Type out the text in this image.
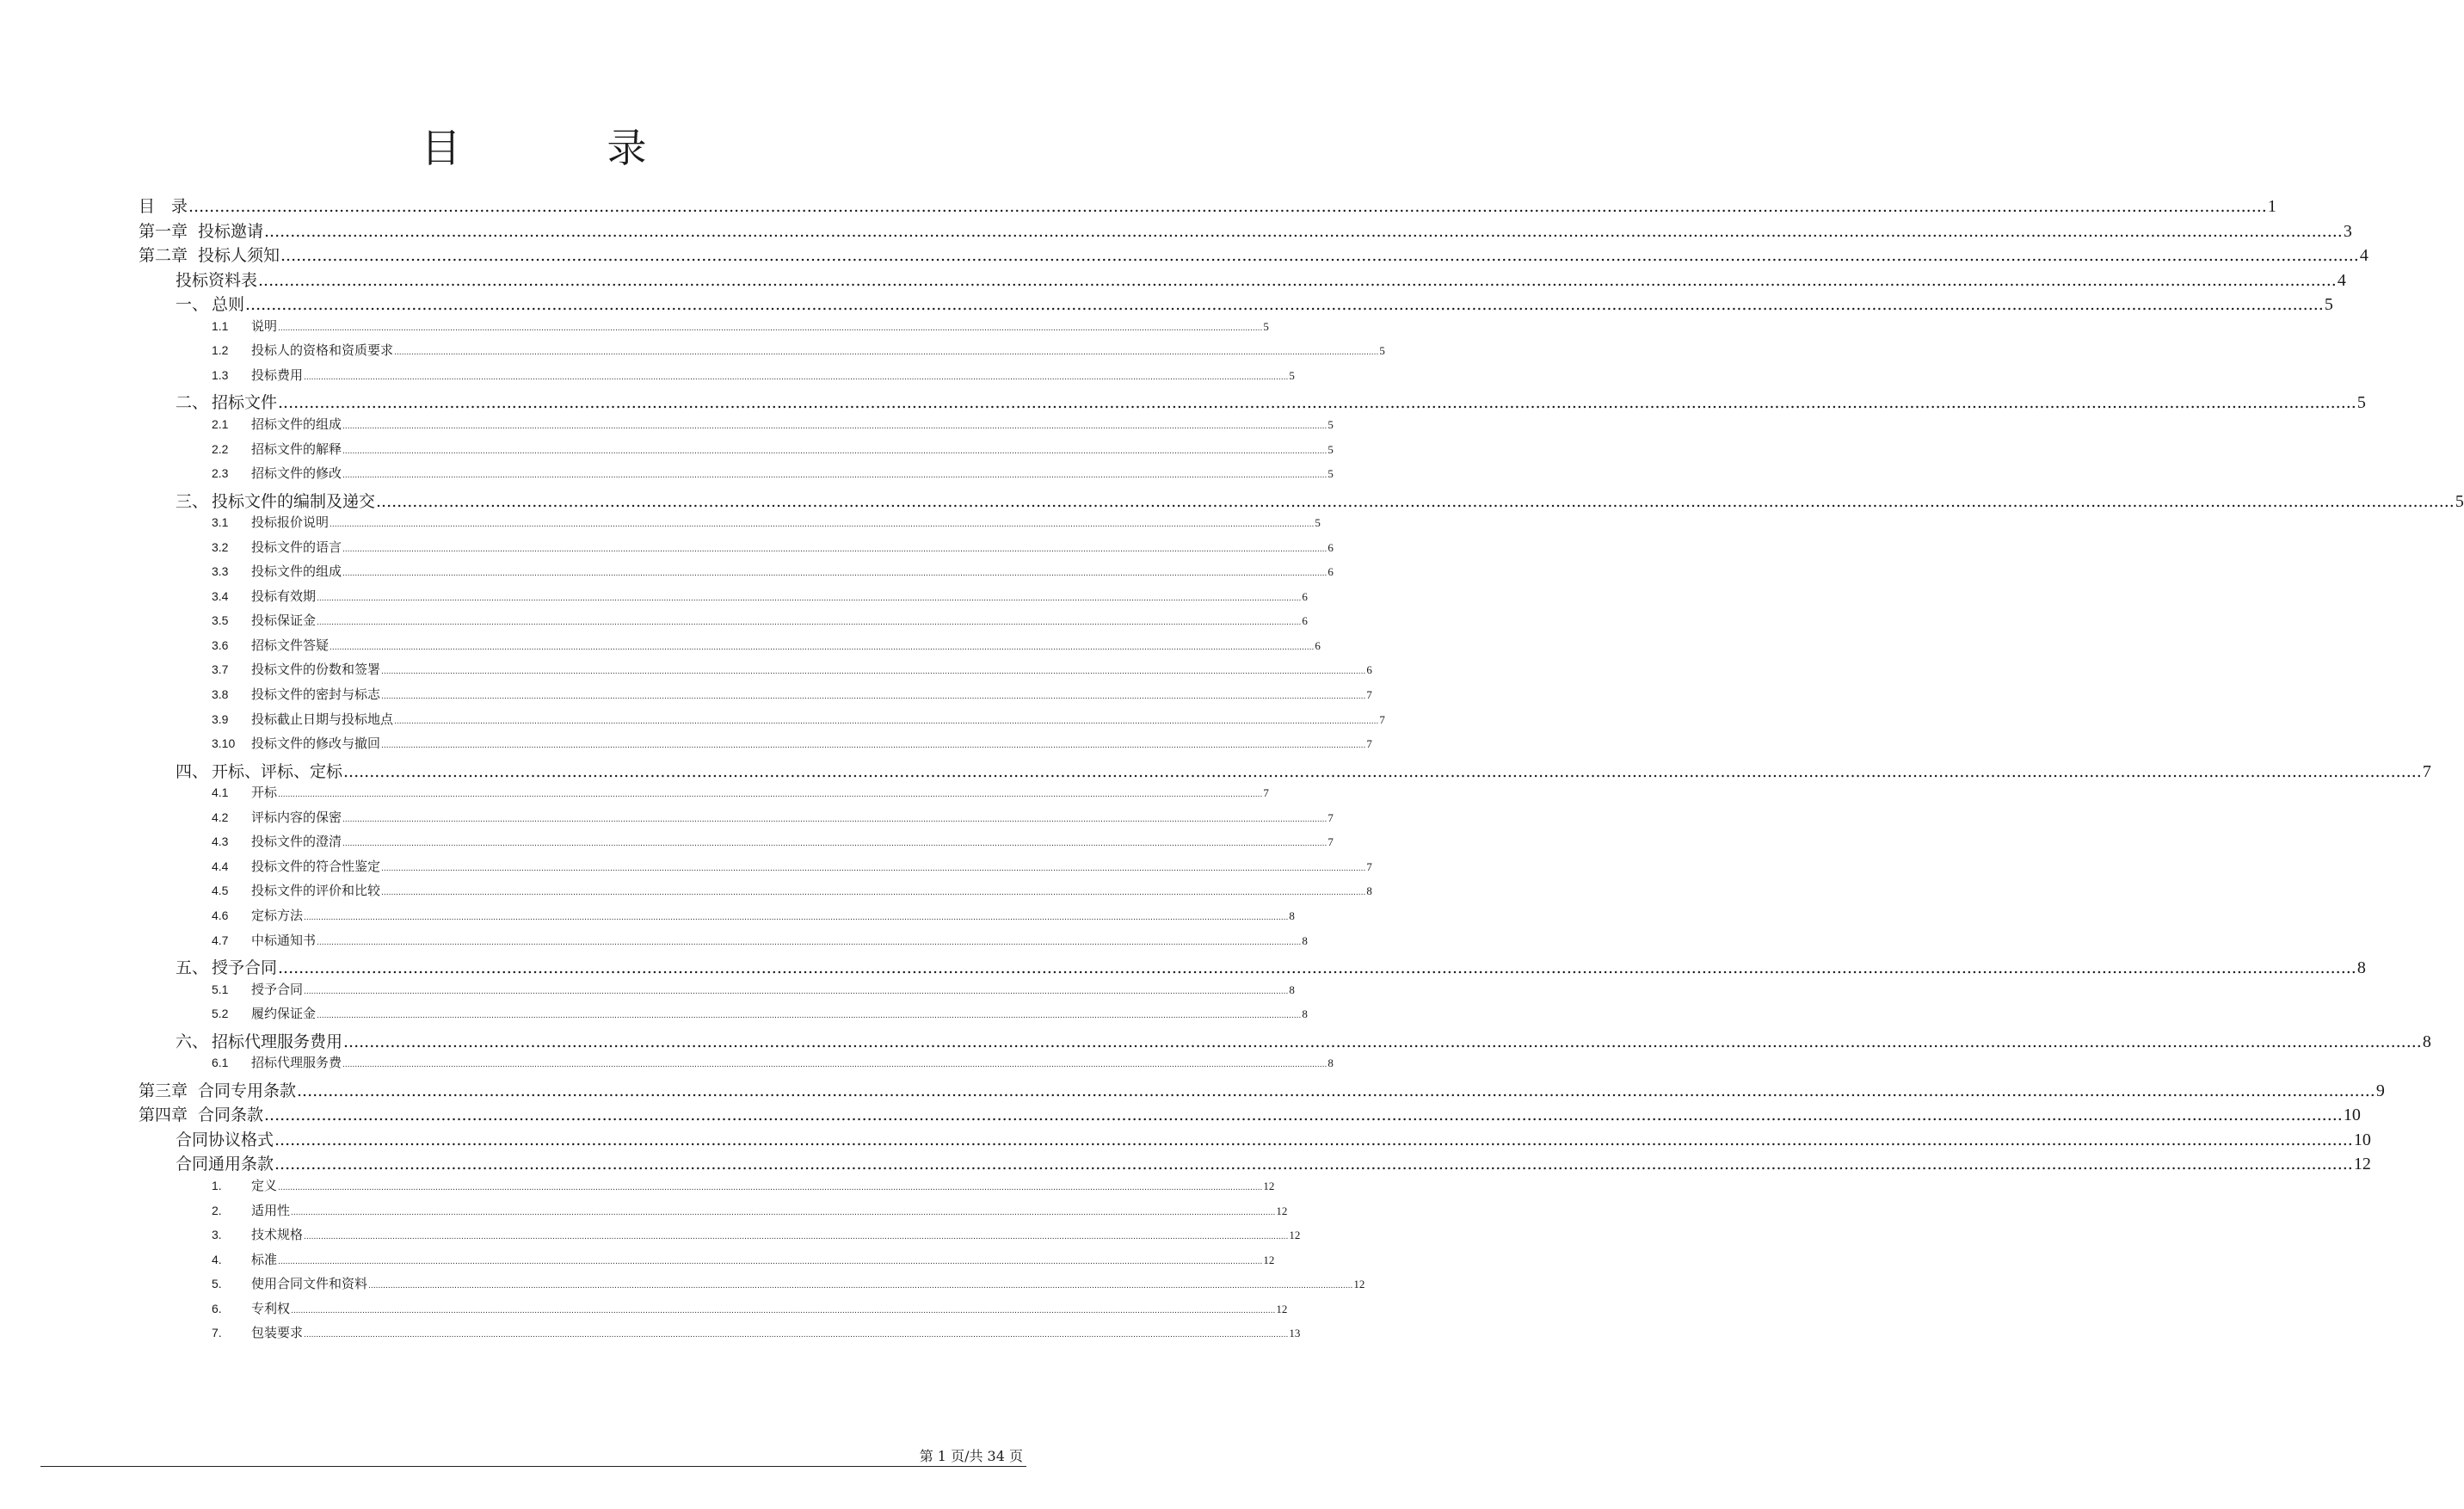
目　录
目　录 ................................................................................................................................................................................................................................................................................................................................................................................................................ 1
第一章 投标邀请 ................................................................................................................................................................................................................................................................................................................................................................................................................ 3
第二章 投标人须知 ................................................................................................................................................................................................................................................................................................................................................................................................................ 4
投标资料表 ................................................................................................................................................................................................................................................................................................................................................................................................................ 4
一、 总则 ................................................................................................................................................................................................................................................................................................................................................................................................................ 5
1.1	说明 ................................................................................................................................................................................................................................................................................................................................................................................................................ 5
1.2	投标人的资格和资质要求 ................................................................................................................................................................................................................................................................................................................................................................................................................ 5
1.3	投标费用 ................................................................................................................................................................................................................................................................................................................................................................................................................ 5
二、 招标文件 ................................................................................................................................................................................................................................................................................................................................................................................................................ 5
2.1	招标文件的组成 ................................................................................................................................................................................................................................................................................................................................................................................................................ 5
2.2	招标文件的解释 ................................................................................................................................................................................................................................................................................................................................................................................................................ 5
2.3	招标文件的修改 ................................................................................................................................................................................................................................................................................................................................................................................................................ 5
三、 投标文件的编制及递交 ................................................................................................................................................................................................................................................................................................................................................................................................................ 5
3.1	投标报价说明 ................................................................................................................................................................................................................................................................................................................................................................................................................ 5
3.2	投标文件的语言 ................................................................................................................................................................................................................................................................................................................................................................................................................ 6
3.3	投标文件的组成 ................................................................................................................................................................................................................................................................................................................................................................................................................ 6
3.4	投标有效期 ................................................................................................................................................................................................................................................................................................................................................................................................................ 6
3.5	投标保证金 ................................................................................................................................................................................................................................................................................................................................................................................................................ 6
3.6	招标文件答疑 ................................................................................................................................................................................................................................................................................................................................................................................................................ 6
3.7	投标文件的份数和签署 ................................................................................................................................................................................................................................................................................................................................................................................................................ 6
3.8	投标文件的密封与标志 ................................................................................................................................................................................................................................................................................................................................................................................................................ 7
3.9	投标截止日期与投标地点 ................................................................................................................................................................................................................................................................................................................................................................................................................ 7
3.10	投标文件的修改与撤回 ................................................................................................................................................................................................................................................................................................................................................................................................................ 7
四、 开标、评标、定标 ................................................................................................................................................................................................................................................................................................................................................................................................................ 7
4.1	开标 ................................................................................................................................................................................................................................................................................................................................................................................................................ 7
4.2	评标内容的保密 ................................................................................................................................................................................................................................................................................................................................................................................................................ 7
4.3	投标文件的澄清 ................................................................................................................................................................................................................................................................................................................................................................................................................ 7
4.4	投标文件的符合性鉴定 ................................................................................................................................................................................................................................................................................................................................................................................................................ 7
4.5	投标文件的评价和比较 ................................................................................................................................................................................................................................................................................................................................................................................................................ 8
4.6	定标方法 ................................................................................................................................................................................................................................................................................................................................................................................................................ 8
4.7	中标通知书 ................................................................................................................................................................................................................................................................................................................................................................................................................ 8
五、 授予合同 ................................................................................................................................................................................................................................................................................................................................................................................................................ 8
5.1	授予合同 ................................................................................................................................................................................................................................................................................................................................................................................................................ 8
5.2	履约保证金 ................................................................................................................................................................................................................................................................................................................................................................................................................ 8
六、 招标代理服务费用 ................................................................................................................................................................................................................................................................................................................................................................................................................ 8
6.1	招标代理服务费 ................................................................................................................................................................................................................................................................................................................................................................................................................ 8
第三章 合同专用条款 ................................................................................................................................................................................................................................................................................................................................................................................................................ 9
第四章 合同条款 ................................................................................................................................................................................................................................................................................................................................................................................................................ 10
合同协议格式 ................................................................................................................................................................................................................................................................................................................................................................................................................ 10
合同通用条款 ................................................................................................................................................................................................................................................................................................................................................................................................................ 12
1.	定义 ................................................................................................................................................................................................................................................................................................................................................................................................................ 12
2.	适用性 ................................................................................................................................................................................................................................................................................................................................................................................................................ 12
3.	技术规格 ................................................................................................................................................................................................................................................................................................................................................................................................................ 12
4.	标准 ................................................................................................................................................................................................................................................................................................................................................................................................................ 12
5.	使用合同文件和资料 ................................................................................................................................................................................................................................................................................................................................................................................................................ 12
6.	专利权 ................................................................................................................................................................................................................................................................................................................................................................................................................ 12
7.	包装要求 ................................................................................................................................................................................................................................................................................................................................................................................................................ 13
第 1 页/共 34 页
